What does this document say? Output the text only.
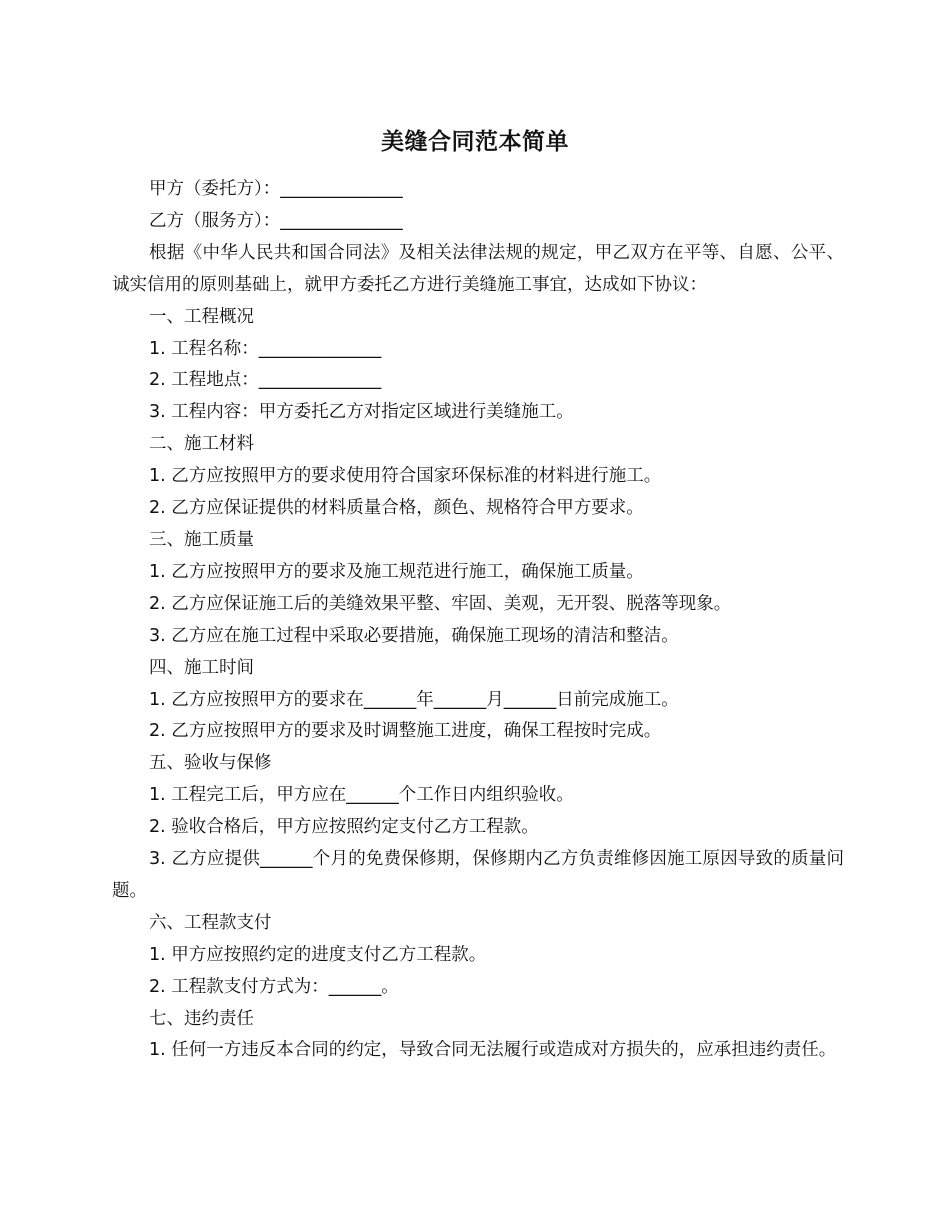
美缝合同范本简单

甲方（委托方）：______________

乙方（服务方）：______________

根据《中华人民共和国合同法》及相关法律法规的规定，甲乙双方在平等、自愿、公平、诚实信用的原则基础上，就甲方委托乙方进行美缝施工事宜，达成如下协议：

一、工程概况

1. 工程名称：______________

2. 工程地点：______________

3. 工程内容：甲方委托乙方对指定区域进行美缝施工。

二、施工材料

1. 乙方应按照甲方的要求使用符合国家环保标准的材料进行施工。

2. 乙方应保证提供的材料质量合格，颜色、规格符合甲方要求。

三、施工质量

1. 乙方应按照甲方的要求及施工规范进行施工，确保施工质量。

2. 乙方应保证施工后的美缝效果平整、牢固、美观，无开裂、脱落等现象。

3. 乙方应在施工过程中采取必要措施，确保施工现场的清洁和整洁。

四、施工时间

1. 乙方应按照甲方的要求在______年______月______日前完成施工。

2. 乙方应按照甲方的要求及时调整施工进度，确保工程按时完成。

五、验收与保修

1. 工程完工后，甲方应在______个工作日内组织验收。

2. 验收合格后，甲方应按照约定支付乙方工程款。

3. 乙方应提供______个月的免费保修期，保修期内乙方负责维修因施工原因导致的质量问题。

六、工程款支付

1. 甲方应按照约定的进度支付乙方工程款。

2. 工程款支付方式为：______。

七、违约责任

1. 任何一方违反本合同的约定，导致合同无法履行或造成对方损失的，应承担违约责任。
